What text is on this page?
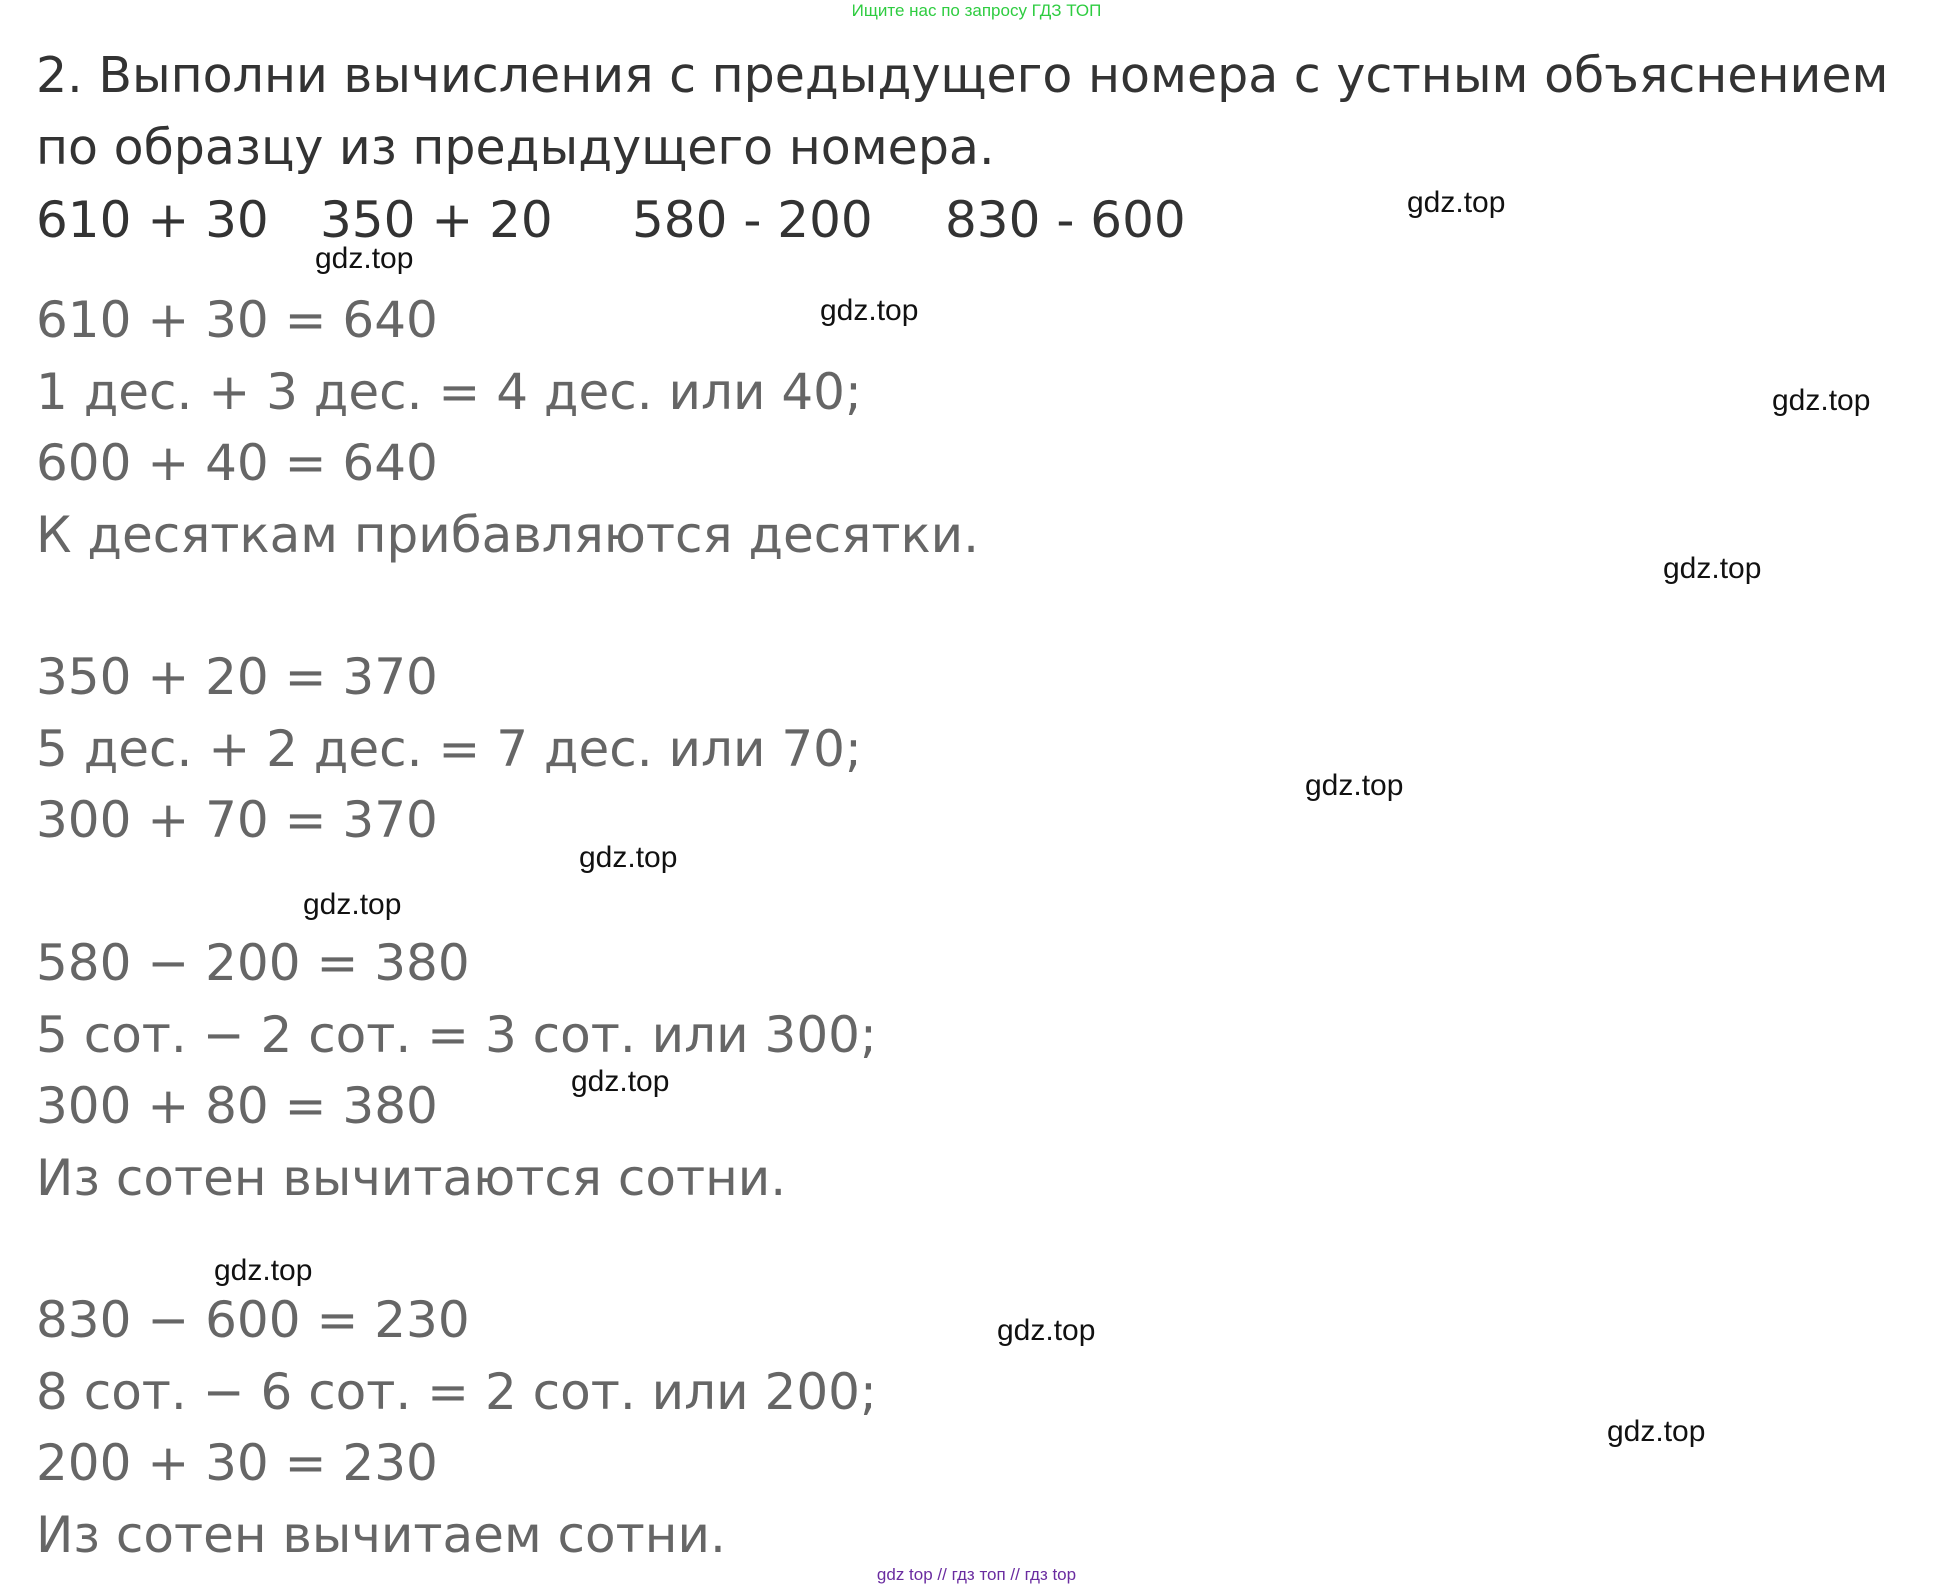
Ищите нас по запросу ГДЗ ТОП
2. Выполни вычисления с предыдущего номера с устным объяснением по образцу из предыдущего номера.
610 + 30 350 + 20 580 - 200 830 - 600
610 + 30 = 640
1 дес. + 3 дес. = 4 дес. или 40;
600 + 40 = 640
К десяткам прибавляются десятки.
350 + 20 = 370
5 дес. + 2 дес. = 7 дес. или 70;
300 + 70 = 370
580 − 200 = 380
5 сот. − 2 сот. = 3 сот. или 300;
300 + 80 = 380
Из сотен вычитаются сотни.
830 − 600 = 230
8 сот. − 6 сот. = 2 сот. или 200;
200 + 30 = 230
Из сотен вычитаем сотни.
gdz.top
gdz.top
gdz.top
gdz.top
gdz.top
gdz.top
gdz.top
gdz.top
gdz.top
gdz.top
gdz.top
gdz.top
gdz top // гдз топ // гдз top
